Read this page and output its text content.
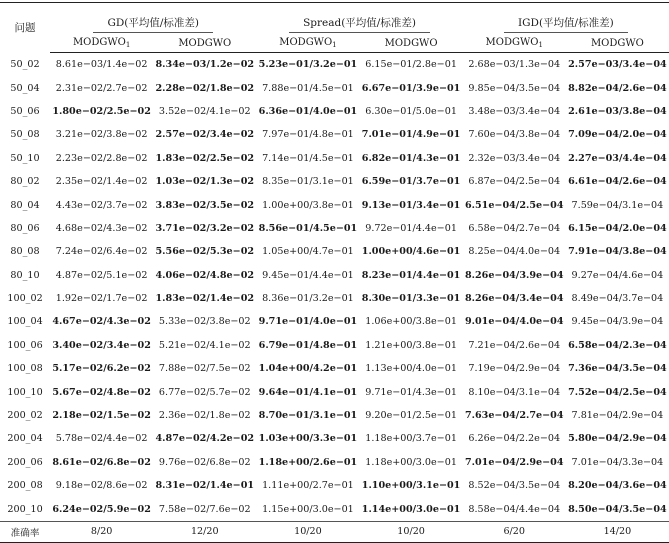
问题	GD(平均值/标准差)		Spread(平均值/标准差)		IGD(平均值/标准差)	
	$MODGWO_1$	MODGWO	$MODGWO_1$	MODGWO	$MODGWO_1$	MODGWO
50_02	8.61e−03/1.4e−02	8.34e−03/1.2e−02	5.23e−01/3.2e−01	6.15e−01/2.8e−01	2.68e−03/1.3e−04	2.57e−03/3.4e−04
50_04	2.31e−02/2.7e−02	2.28e−02/1.8e−02	7.88e−01/4.5e−01	6.67e−01/3.9e−01	9.85e−04/3.5e−04	8.82e−04/2.6e−04
50_06	1.80e−02/2.5e−02	3.52e−02/4.1e−02	6.36e−01/4.0e−01	6.30e−01/5.0e−01	3.48e−03/3.4e−04	2.61e−03/3.8e−04
50_08	3.21e−02/3.8e−02	2.57e−02/3.4e−02	7.97e−01/4.8e−01	7.01e−01/4.9e−01	7.60e−04/3.8e−04	7.09e−04/2.0e−04
50_10	2.23e−02/2.8e−02	1.83e−02/2.5e−02	7.14e−01/4.5e−01	6.82e−01/4.3e−01	2.32e−03/3.4e−04	2.27e−03/4.4e−04
80_02	2.35e−02/1.4e−02	1.03e−02/1.3e−02	8.35e−01/3.1e−01	6.59e−01/3.7e−01	6.87e−04/2.5e−04	6.61e−04/2.6e−04
80_04	4.43e−02/3.7e−02	3.83e−02/3.5e−02	1.00e+00/3.8e−01	9.13e−01/3.4e−01	6.51e−04/2.5e−04	7.59e−04/3.1e−04
80_06	4.68e−02/4.3e−02	3.71e−02/3.2e−02	8.56e−01/4.5e−01	9.72e−01/4.4e−01	6.58e−04/2.7e−04	6.15e−04/2.0e−04
80_08	7.24e−02/6.4e−02	5.56e−02/5.3e−02	1.05e+00/4.7e−01	1.00e+00/4.6e−01	8.25e−04/4.0e−04	7.91e−04/3.8e−04
80_10	4.87e−02/5.1e−02	4.06e−02/4.8e−02	9.45e−01/4.4e−01	8.23e−01/4.4e−01	8.26e−04/3.9e−04	9.27e−04/4.6e−04
100_02	1.92e−02/1.7e−02	1.83e−02/1.4e−02	8.36e−01/3.2e−01	8.30e−01/3.3e−01	8.26e−04/3.4e−04	8.49e−04/3.7e−04
100_04	4.67e−02/4.3e−02	5.33e−02/3.8e−02	9.71e−01/4.0e−01	1.06e+00/3.8e−01	9.01e−04/4.0e−04	9.45e−04/3.9e−04
100_06	3.40e−02/3.4e−02	5.21e−02/4.1e−02	6.79e−01/4.8e−01	1.21e+00/3.8e−01	7.21e−04/2.6e−04	6.58e−04/2.3e−04
100_08	5.17e−02/6.2e−02	7.88e−02/7.5e−02	1.04e+00/4.2e−01	1.13e+00/4.0e−01	7.19e−04/2.9e−04	7.36e−04/3.5e−04
100_10	5.67e−02/4.8e−02	6.77e−02/5.7e−02	9.64e−01/4.1e−01	9.71e−01/4.3e−01	8.10e−04/3.1e−04	7.52e−04/2.5e−04
200_02	2.18e−02/1.5e−02	2.36e−02/1.8e−02	8.70e−01/3.1e−01	9.20e−01/2.5e−01	7.63e−04/2.7e−04	7.81e−04/2.9e−04
200_04	5.78e−02/4.4e−02	4.87e−02/4.2e−02	1.03e+00/3.3e−01	1.18e+00/3.7e−01	6.26e−04/2.2e−04	5.80e−04/2.9e−04
200_06	8.61e−02/6.8e−02	9.76e−02/6.8e−02	1.18e+00/2.6e−01	1.18e+00/3.0e−01	7.01e−04/2.9e−04	7.01e−04/3.3e−04
200_08	9.18e−02/8.6e−02	8.31e−02/1.4e−01	1.11e+00/2.7e−01	1.10e+00/3.1e−01	8.52e−04/3.5e−04	8.20e−04/3.6e−04
200_10	6.24e−02/5.9e−02	7.58e−02/7.6e−02	1.15e+00/3.0e−01	1.14e+00/3.0e−01	8.58e−04/4.4e−04	8.50e−04/3.5e−04
准确率	8/20	12/20	10/20	10/20	6/20	14/20
